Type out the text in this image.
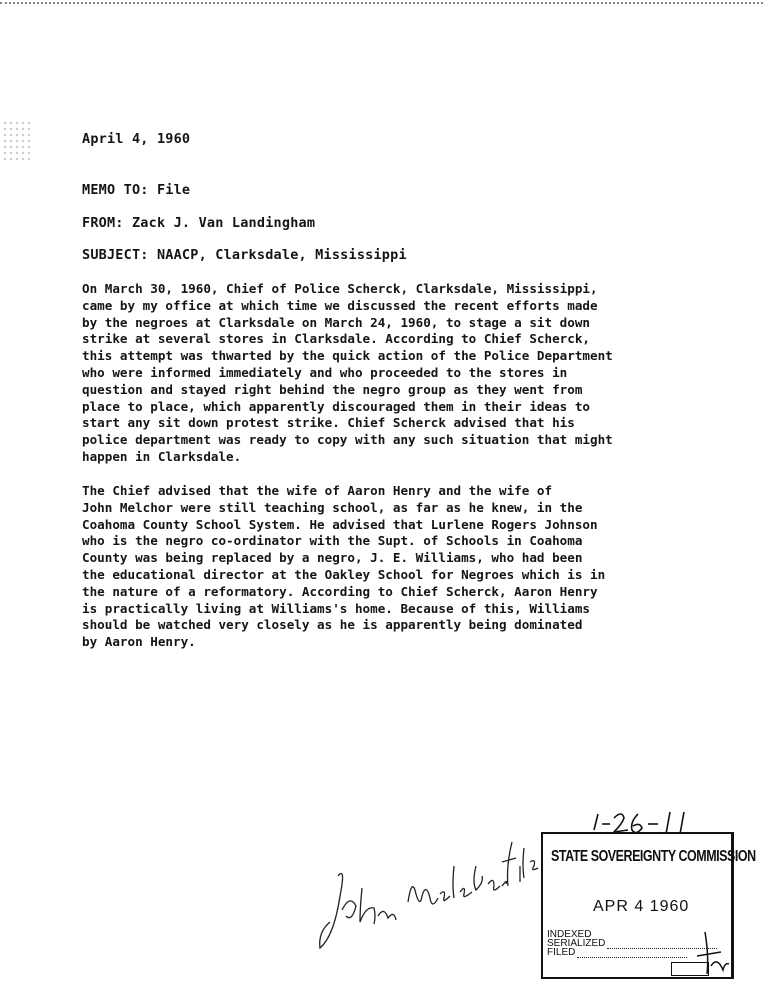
April 4, 1960
MEMO TO: File
FROM: Zack J. Van Landingham
SUBJECT: NAACP, Clarksdale, Mississippi
On March 30, 1960, Chief of Police Scherck, Clarksdale, Mississippi,
came by my office at which time we discussed the recent efforts made
by the negroes at Clarksdale on March 24, 1960, to stage a sit down
strike at several stores in Clarksdale. According to Chief Scherck,
this attempt was thwarted by the quick action of the Police Department
who were informed immediately and who proceeded to the stores in
question and stayed right behind the negro group as they went from
place to place, which apparently discouraged them in their ideas to
start any sit down protest strike. Chief Scherck advised that his
police department was ready to copy with any such situation that might
happen in Clarksdale.
The Chief advised that the wife of Aaron Henry and the wife of
John Melchor were still teaching school, as far as he knew, in the
Coahoma County School System. He advised that Lurlene Rogers Johnson
who is the negro co-ordinator with the Supt. of Schools in Coahoma
County was being replaced by a negro, J. E. Williams, who had been
the educational director at the Oakley School for Negroes which is in
the nature of a reformatory. According to Chief Scherck, Aaron Henry
is practically living at Williams's home. Because of this, Williams
should be watched very closely as he is apparently being dominated
by Aaron Henry.
STATE SOVEREIGNTY COMMISSION
APR 4 1960
INDEXED
SERIALIZED
FILED
